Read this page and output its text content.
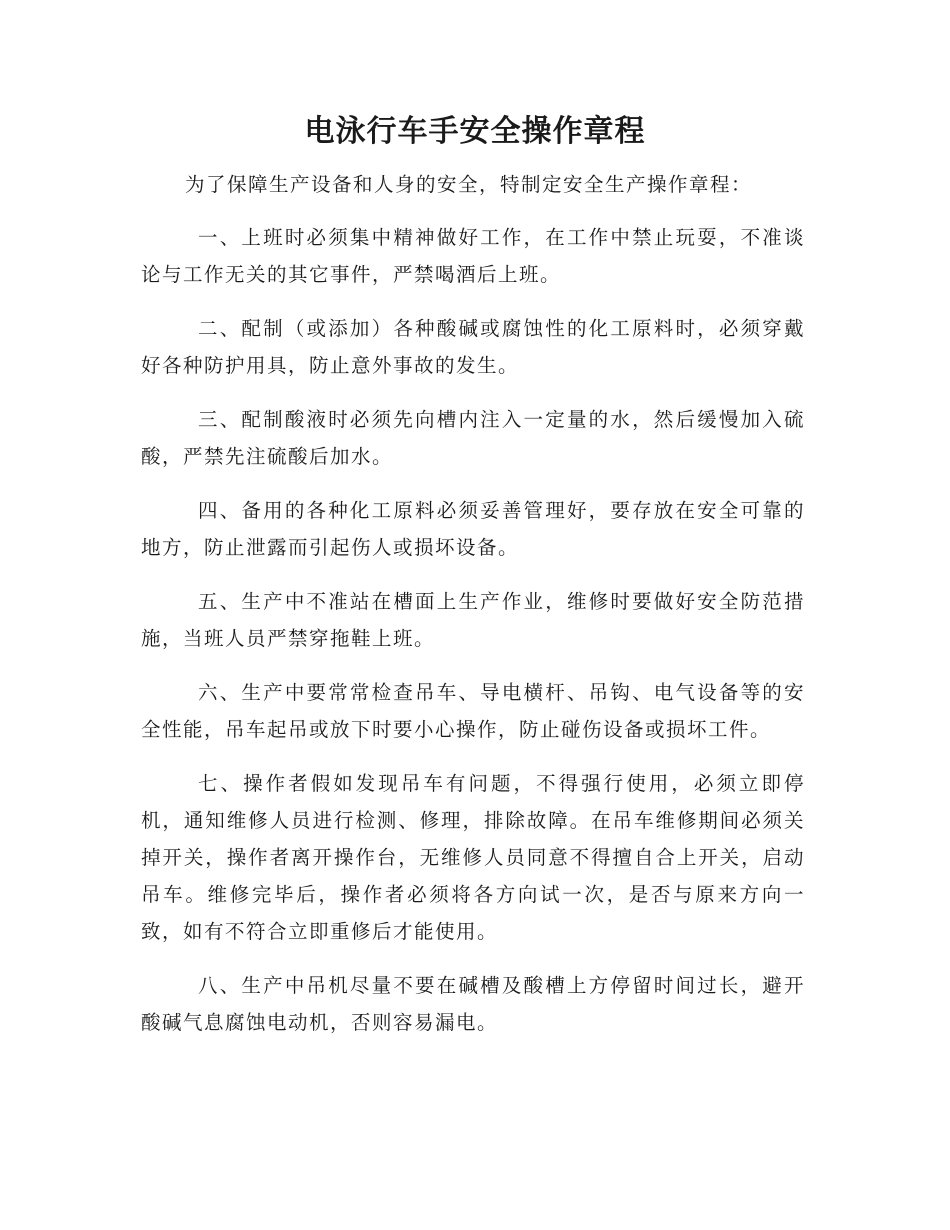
电泳行车手安全操作章程

为了保障生产设备和人身的安全，特制定安全生产操作章程：

一、上班时必须集中精神做好工作，在工作中禁止玩耍，不准谈论与工作无关的其它事件，严禁喝酒后上班。

二、配制（或添加）各种酸碱或腐蚀性的化工原料时，必须穿戴好各种防护用具，防止意外事故的发生。

三、配制酸液时必须先向槽内注入一定量的水，然后缓慢加入硫酸，严禁先注硫酸后加水。

四、备用的各种化工原料必须妥善管理好，要存放在安全可靠的地方，防止泄露而引起伤人或损坏设备。

五、生产中不准站在槽面上生产作业，维修时要做好安全防范措施，当班人员严禁穿拖鞋上班。

六、生产中要常常检查吊车、导电横杆、吊钩、电气设备等的安全性能，吊车起吊或放下时要小心操作，防止碰伤设备或损坏工件。

七、操作者假如发现吊车有问题，不得强行使用，必须立即停机，通知维修人员进行检测、修理，排除故障。在吊车维修期间必须关掉开关，操作者离开操作台，无维修人员同意不得擅自合上开关，启动吊车。维修完毕后，操作者必须将各方向试一次，是否与原来方向一致，如有不符合立即重修后才能使用。

八、生产中吊机尽量不要在碱槽及酸槽上方停留时间过长，避开酸碱气息腐蚀电动机，否则容易漏电。
